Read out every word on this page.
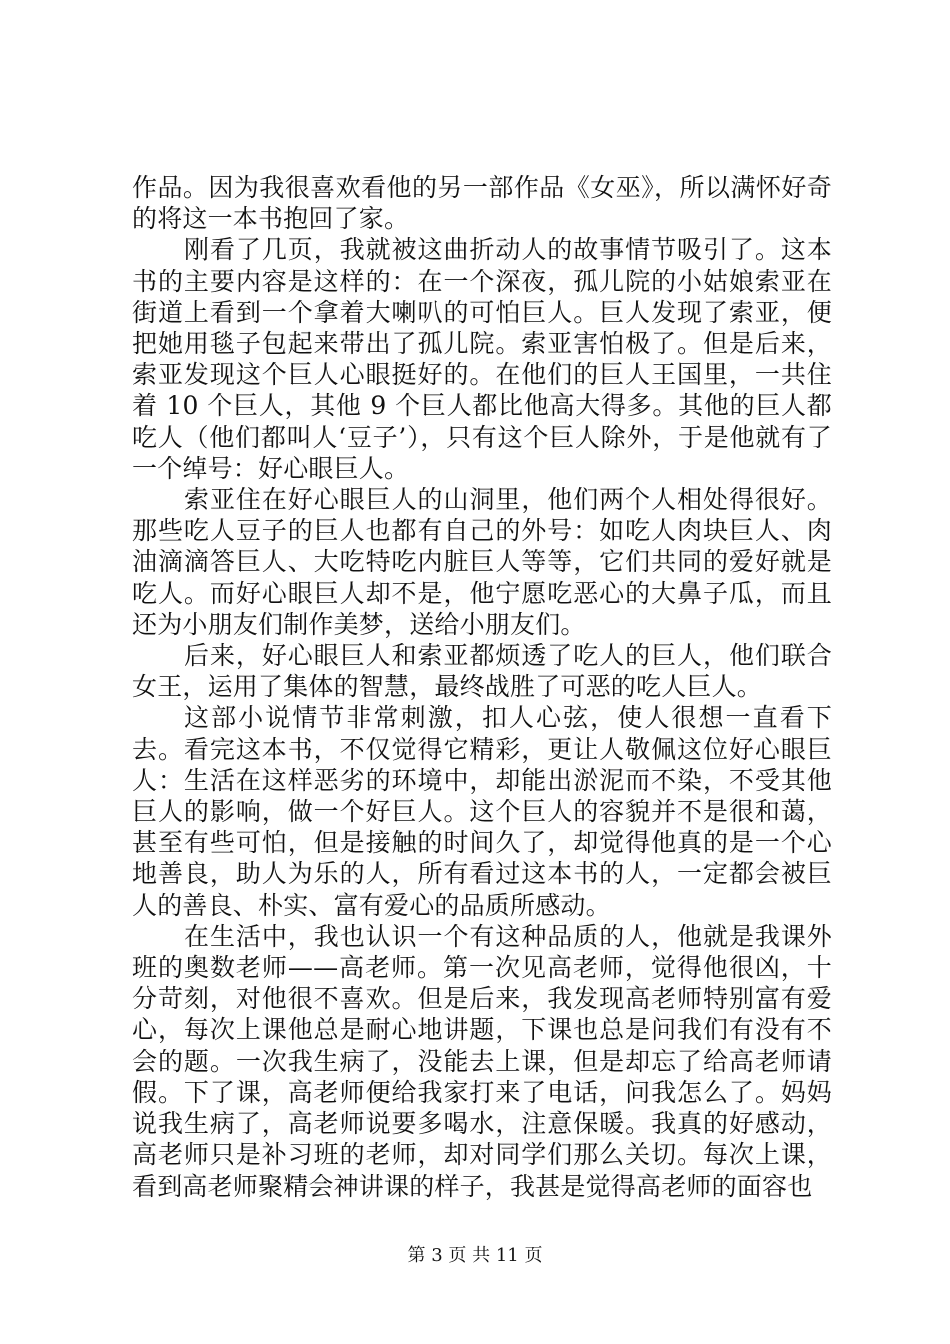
作品。因为我很喜欢看他的另一部作品《女巫》，所以满怀好奇的将这一本书抱回了家。

刚看了几页，我就被这曲折动人的故事情节吸引了。这本书的主要内容是这样的：在一个深夜，孤儿院的小姑娘索亚在街道上看到一个拿着大喇叭的可怕巨人。巨人发现了索亚，便把她用毯子包起来带出了孤儿院。索亚害怕极了。但是后来，索亚发现这个巨人心眼挺好的。在他们的巨人王国里，一共住着 10 个巨人，其他 9 个巨人都比他高大得多。其他的巨人都吃人（他们都叫人‘豆子’），只有这个巨人除外，于是他就有了一个绰号：好心眼巨人。

索亚住在好心眼巨人的山洞里，他们两个人相处得很好。那些吃人豆子的巨人也都有自己的外号：如吃人肉块巨人、肉油滴滴答巨人、大吃特吃内脏巨人等等，它们共同的爱好就是吃人。而好心眼巨人却不是，他宁愿吃恶心的大鼻子瓜，而且还为小朋友们制作美梦，送给小朋友们。

后来，好心眼巨人和索亚都烦透了吃人的巨人，他们联合女王，运用了集体的智慧，最终战胜了可恶的吃人巨人。

这部小说情节非常刺激，扣人心弦，使人很想一直看下去。看完这本书，不仅觉得它精彩，更让人敬佩这位好心眼巨人：生活在这样恶劣的环境中，却能出淤泥而不染，不受其他巨人的影响，做一个好巨人。这个巨人的容貌并不是很和蔼，甚至有些可怕，但是接触的时间久了，却觉得他真的是一个心地善良，助人为乐的人，所有看过这本书的人，一定都会被巨人的善良、朴实、富有爱心的品质所感动。

在生活中，我也认识一个有这种品质的人，他就是我课外班的奥数老师——高老师。第一次见高老师，觉得他很凶，十分苛刻，对他很不喜欢。但是后来，我发现高老师特别富有爱心，每次上课他总是耐心地讲题，下课也总是问我们有没有不会的题。一次我生病了，没能去上课，但是却忘了给高老师请假。下了课，高老师便给我家打来了电话，问我怎么了。妈妈说我生病了，高老师说要多喝水，注意保暖。我真的好感动，高老师只是补习班的老师，却对同学们那么关切。每次上课，看到高老师聚精会神讲课的样子，我甚是觉得高老师的面容也

第 3 页 共 11 页
